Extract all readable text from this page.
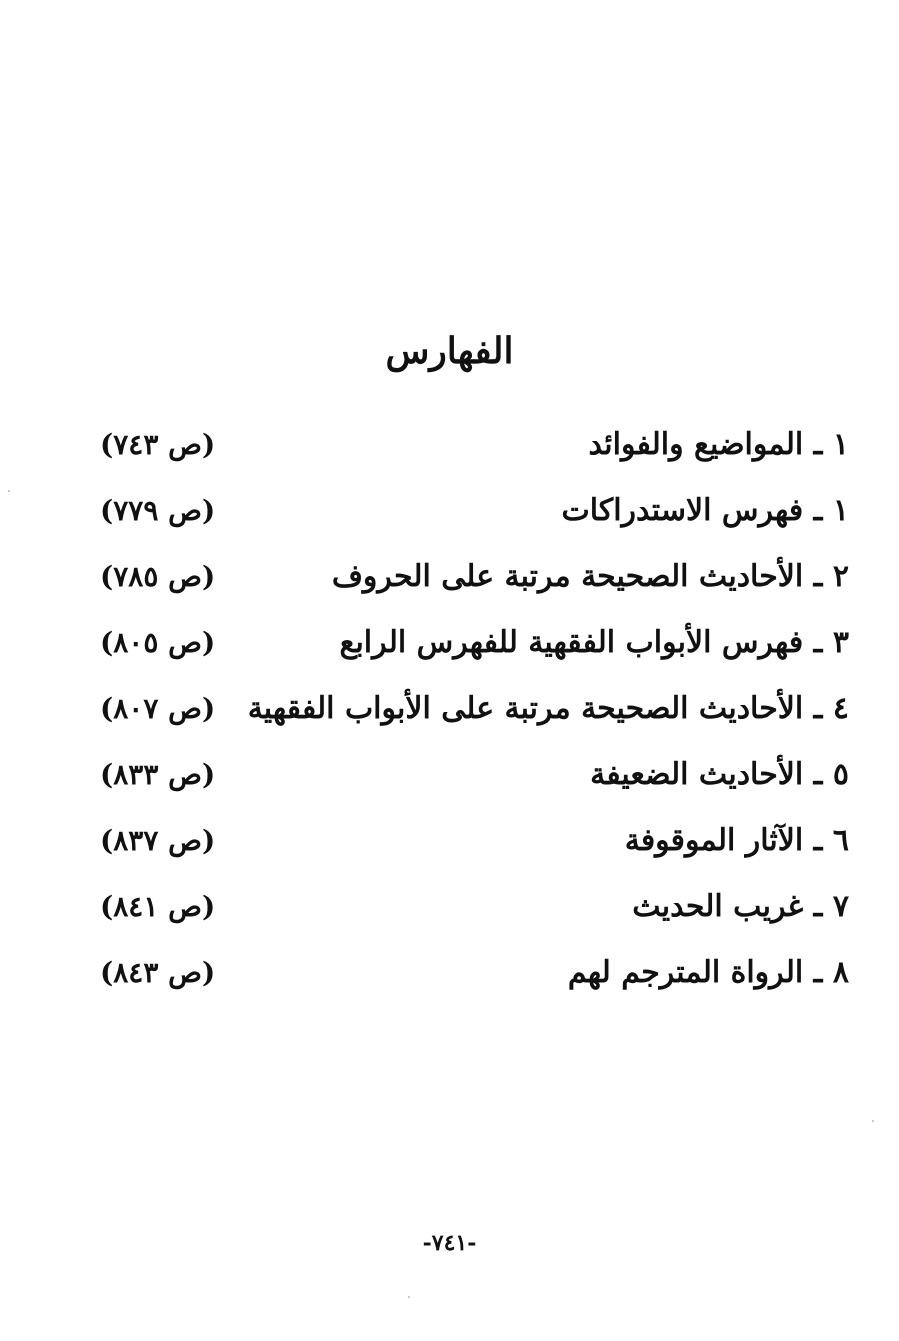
الفهارس
١ ـ المواضيع والفوائد
(ص ٧٤٣)
١ ـ فهرس الاستدراكات
(ص ٧٧٩)
٢ ـ الأحاديث الصحيحة مرتبة على الحروف
(ص ٧٨٥)
٣ ـ فهرس الأبواب الفقهية للفهرس الرابع
(ص ٨٠٥)
٤ ـ الأحاديث الصحيحة مرتبة على الأبواب الفقهية
(ص ٨٠٧)
٥ ـ الأحاديث الضعيفة
(ص ٨٣٣)
٦ ـ الآثار الموقوفة
(ص ٨٣٧)
٧ ـ غريب الحديث
(ص ٨٤١)
٨ ـ الرواة المترجم لهم
(ص ٨٤٣)
-٧٤١-
